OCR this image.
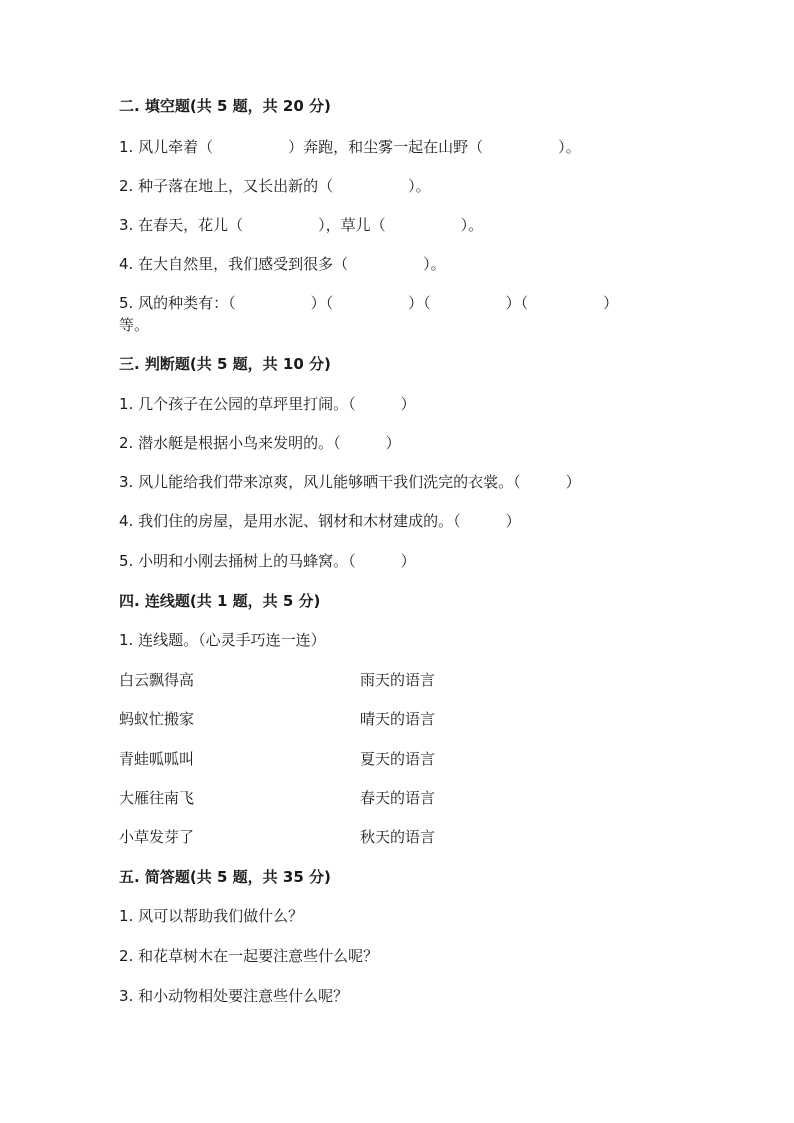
二. 填空题(共 5 题，共 20 分)
1. 风儿牵着（　　　　　）奔跑，和尘雾一起在山野（　　　　　）。
2. 种子落在地上，又长出新的（　　　　　）。
3. 在春天，花儿（　　　　　），草儿（　　　　　）。
4. 在大自然里，我们感受到很多（　　　　　）。
5. 风的种类有：（　　　　　）（　　　　　）（　　　　　）（　　　　　）
等。
三. 判断题(共 5 题，共 10 分)
1. 几个孩子在公园的草坪里打闹。（　　　）
2. 潜水艇是根据小鸟来发明的。（　　　）
3. 风儿能给我们带来凉爽，风儿能够晒干我们洗完的衣裳。（　　　）
4. 我们住的房屋，是用水泥、钢材和木材建成的。（　　　）
5. 小明和小刚去捅树上的马蜂窝。（　　　）
四. 连线题(共 1 题，共 5 分)
1. 连线题。（心灵手巧连一连）
白云飘得高	雨天的语言
蚂蚁忙搬家	晴天的语言
青蛙呱呱叫	夏天的语言
大雁往南飞	春天的语言
小草发芽了	秋天的语言
五. 简答题(共 5 题，共 35 分)
1. 风可以帮助我们做什么？
2. 和花草树木在一起要注意些什么呢？
3. 和小动物相处要注意些什么呢？
